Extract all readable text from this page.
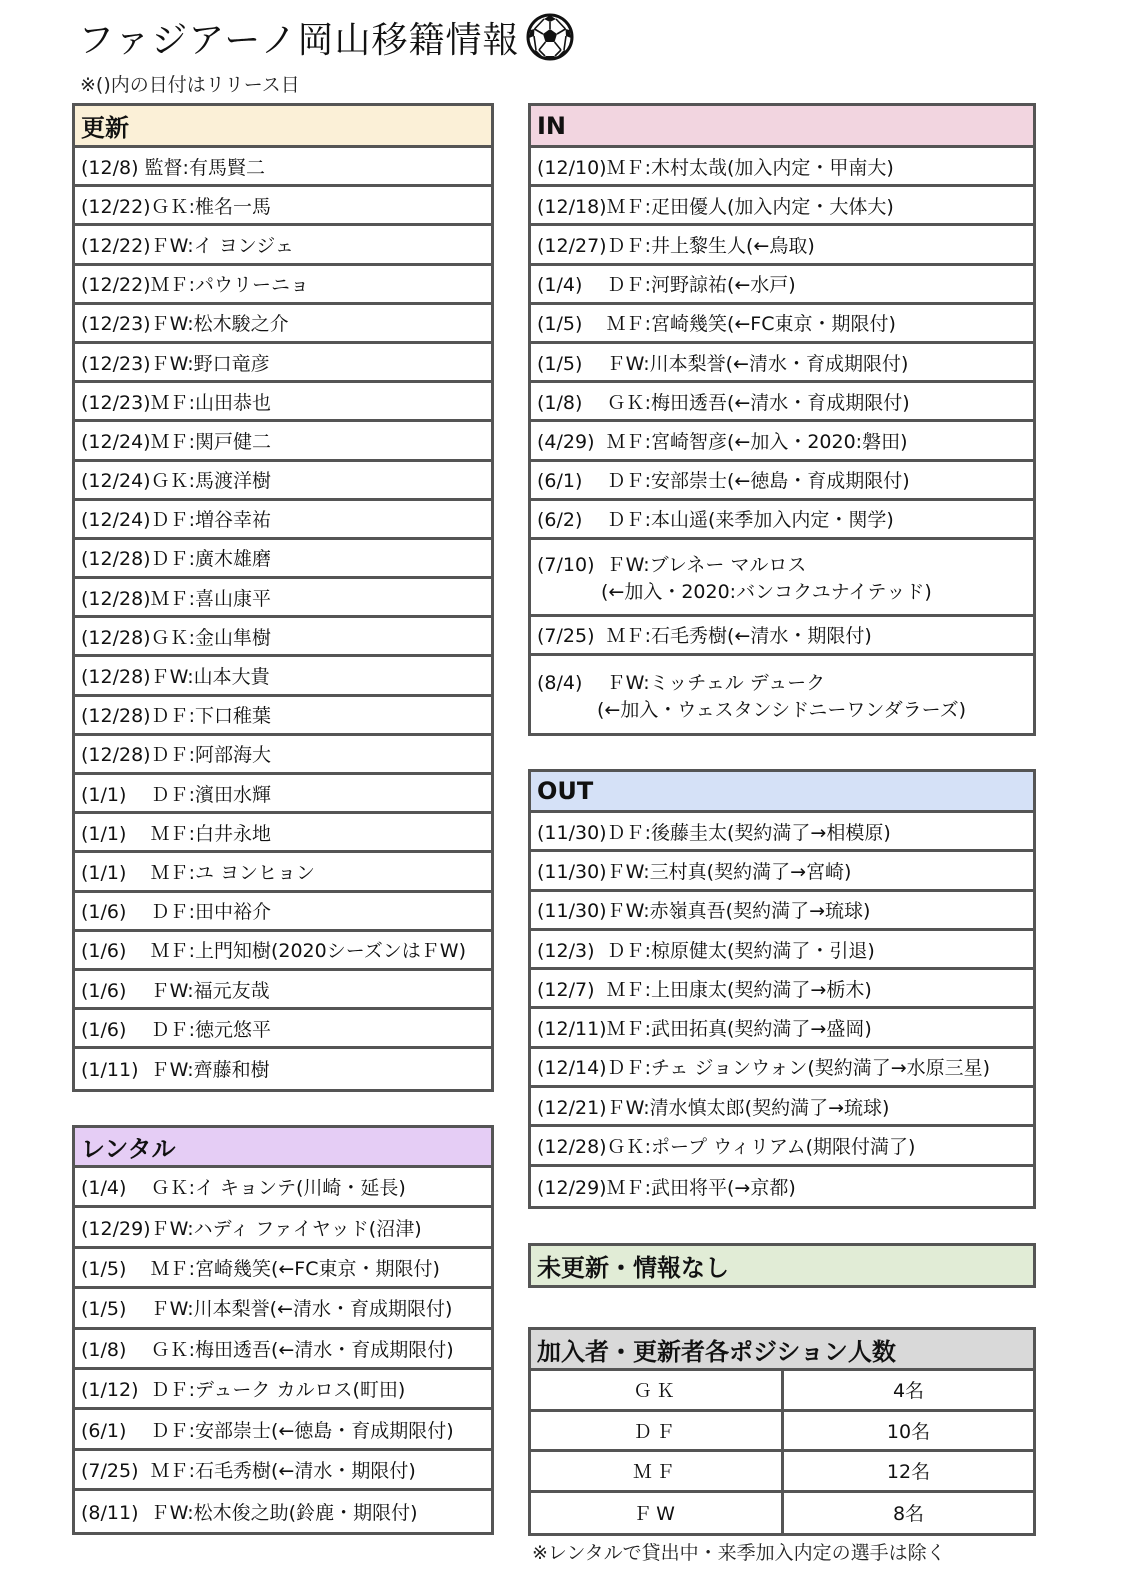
ファジアーノ岡山移籍情報
※()内の日付はリリース日
更新
(12/8) 監督:有馬賢二
(12/22)ＧＫ:椎名一馬
(12/22)ＦW:イ ヨンジェ
(12/22)ＭＦ:パウリーニョ
(12/23)ＦW:松木駿之介
(12/23)ＦW:野口竜彦
(12/23)ＭＦ:山田恭也
(12/24)ＭＦ:関戸健二
(12/24)ＧＫ:馬渡洋樹
(12/24)ＤＦ:増谷幸祐
(12/28)ＤＦ:廣木雄磨
(12/28)ＭＦ:喜山康平
(12/28)ＧＫ:金山隼樹
(12/28)ＦW:山本大貴
(12/28)ＤＦ:下口稚葉
(12/28)ＤＦ:阿部海大
(1/1)    ＤＦ:濱田水輝
(1/1)    ＭＦ:白井永地
(1/1)    ＭＦ:ユ ヨンヒョン
(1/6)    ＤＦ:田中裕介
(1/6)    ＭＦ:上門知樹(2020シーズンはＦW)
(1/6)    ＦW:福元友哉
(1/6)    ＤＦ:徳元悠平
(1/11)  ＦW:齊藤和樹
レンタル
(1/4)    ＧＫ:イ キョンテ(川崎・延長)
(12/29)ＦW:ハディ ファイヤッド(沼津)
(1/5)    ＭＦ:宮崎幾笑(←FC東京・期限付)
(1/5)    ＦW:川本梨誉(←清水・育成期限付)
(1/8)    ＧＫ:梅田透吾(←清水・育成期限付)
(1/12)  ＤＦ:デューク カルロス(町田)
(6/1)    ＤＦ:安部崇士(←徳島・育成期限付)
(7/25)  ＭＦ:石毛秀樹(←清水・期限付)
(8/11)  ＦW:松木俊之助(鈴鹿・期限付)
IN
(12/10)ＭＦ:木村太哉(加入内定・甲南大)
(12/18)ＭＦ:疋田優人(加入内定・大体大)
(12/27)ＤＦ:井上黎生人(←鳥取)
(1/4)    ＤＦ:河野諒祐(←水戸)
(1/5)    ＭＦ:宮崎幾笑(←FC東京・期限付)
(1/5)    ＦW:川本梨誉(←清水・育成期限付)
(1/8)    ＧＫ:梅田透吾(←清水・育成期限付)
(4/29)  ＭＦ:宮崎智彦(←加入・2020:磐田)
(6/1)    ＤＦ:安部崇士(←徳島・育成期限付)
(6/2)    ＤＦ:本山遥(来季加入内定・関学)
(7/10)  ＦW:ブレネー マルロス
(←加入・2020:バンコクユナイテッド)
(7/25)  ＭＦ:石毛秀樹(←清水・期限付)
(8/4)    ＦW:ミッチェル デューク
(←加入・ウェスタンシドニーワンダラーズ)
OUT
(11/30)ＤＦ:後藤圭太(契約満了→相模原)
(11/30)ＦW:三村真(契約満了→宮崎)
(11/30)ＦW:赤嶺真吾(契約満了→琉球)
(12/3)  ＤＦ:椋原健太(契約満了・引退)
(12/7)  ＭＦ:上田康太(契約満了→栃木)
(12/11)ＭＦ:武田拓真(契約満了→盛岡)
(12/14)ＤＦ:チェ ジョンウォン(契約満了→水原三星)
(12/21)ＦW:清水慎太郎(契約満了→琉球)
(12/28)ＧＫ:ポープ ウィリアム(期限付満了)
(12/29)ＭＦ:武田将平(→京都)
未更新・情報なし
加入者・更新者各ポジション人数
ＧＫ	4名
ＤＦ	10名
ＭＦ	12名
ＦW	8名
※レンタルで貸出中・来季加入内定の選手は除く
